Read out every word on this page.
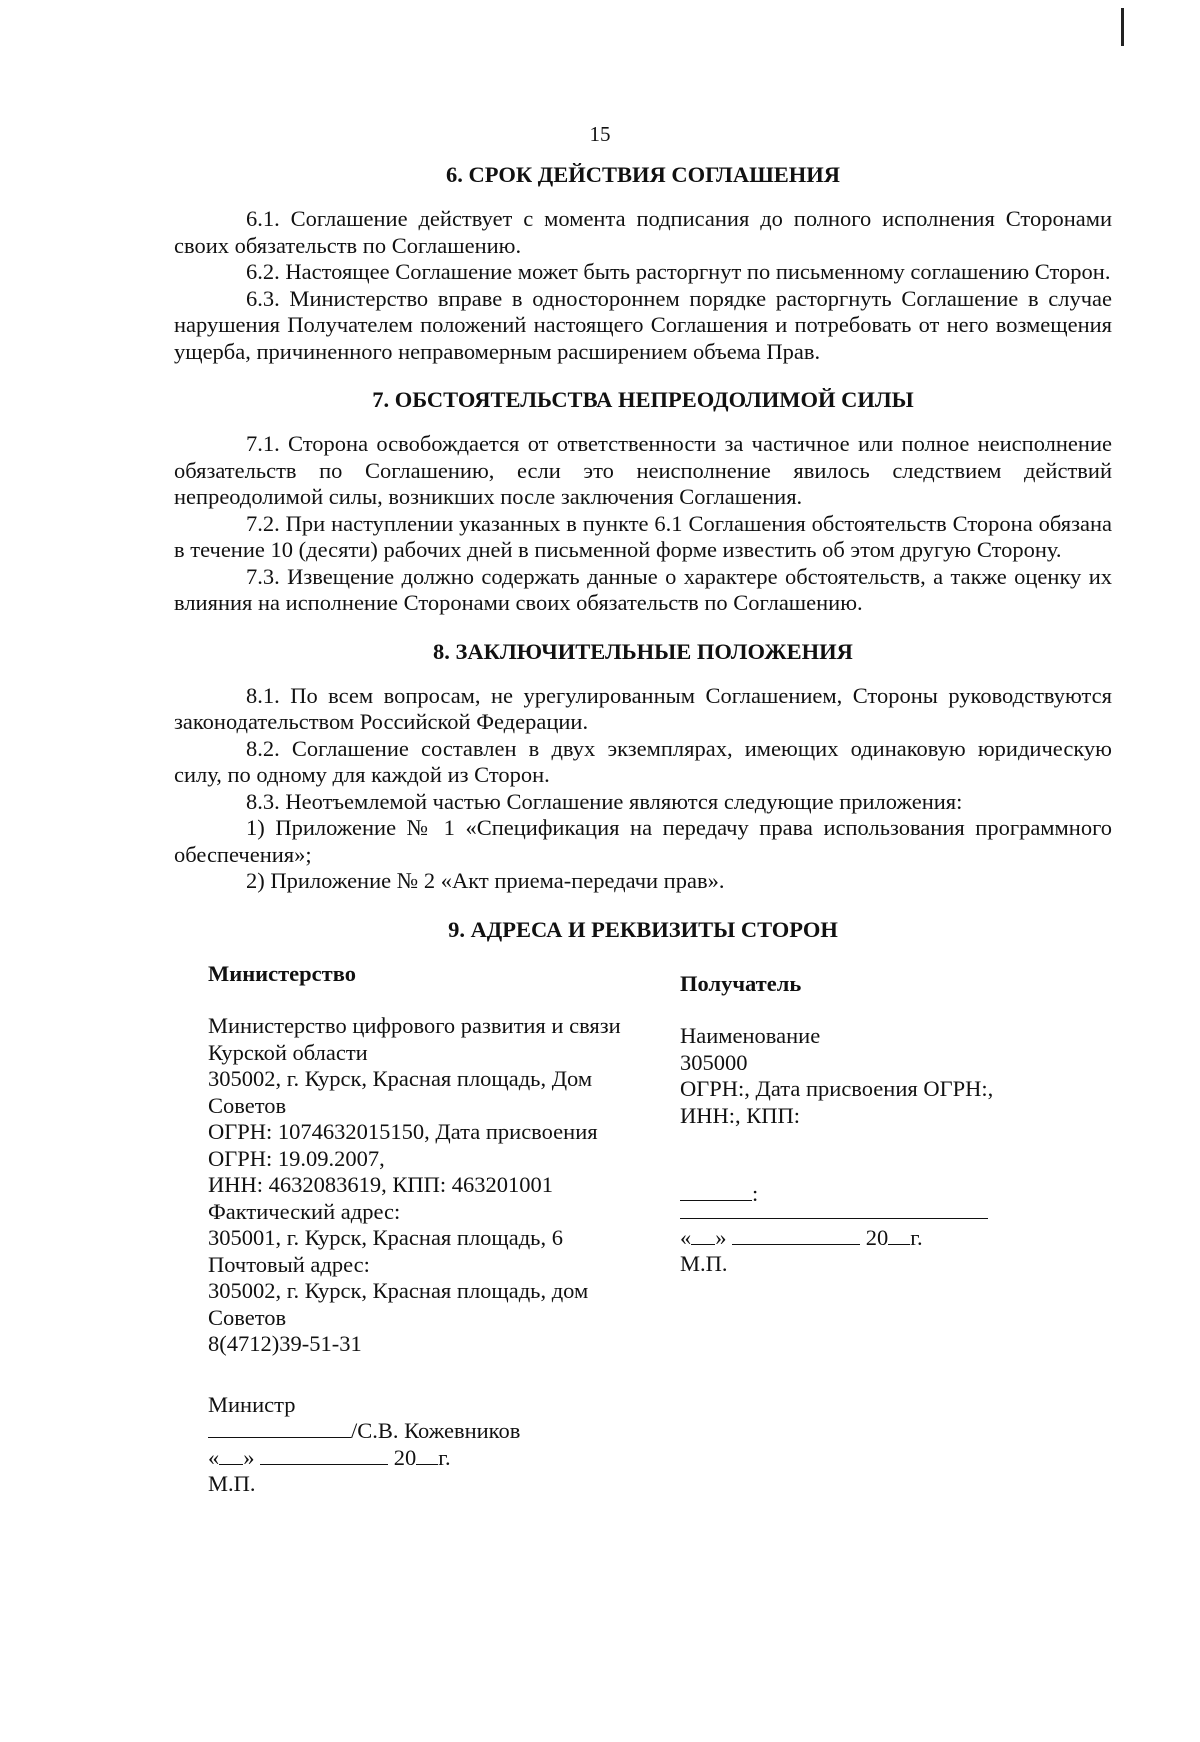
15
6. СРОК ДЕЙСТВИЯ СОГЛАШЕНИЯ

6.1. Соглашение действует с момента подписания до полного исполнения Сторонами своих обязательств по Соглашению.

6.2. Настоящее Соглашение может быть расторгнут по письменному соглашению Сторон.

6.3. Министерство вправе в одностороннем порядке расторгнуть Соглашение в случае нарушения Получателем положений настоящего Соглашения и потребовать от него возмещения ущерба, причиненного неправомерным расширением объема Прав.

7. ОБСТОЯТЕЛЬСТВА НЕПРЕОДОЛИМОЙ СИЛЫ

7.1. Сторона освобождается от ответственности за частичное или полное неисполнение обязательств по Соглашению, если это неисполнение явилось следствием действий непреодолимой силы, возникших после заключения Соглашения.

7.2. При наступлении указанных в пункте 6.1 Соглашения обстоятельств Сторона обязана в течение 10 (десяти) рабочих дней в письменной форме известить об этом другую Сторону.

7.3. Извещение должно содержать данные о характере обстоятельств, а также оценку их влияния на исполнение Сторонами своих обязательств по Соглашению.

8. ЗАКЛЮЧИТЕЛЬНЫЕ ПОЛОЖЕНИЯ

8.1. По всем вопросам, не урегулированным Соглашением, Стороны руководствуются законодательством Российской Федерации.

8.2. Соглашение составлен в двух экземплярах, имеющих одинаковую юридическую силу, по одному для каждой из Сторон.

8.3. Неотъемлемой частью Соглашение являются следующие приложения:

1) Приложение № 1 «Спецификация на передачу права использования программного обеспечения»;

2) Приложение № 2 «Акт приема-передачи прав».

9. АДРЕСА И РЕКВИЗИТЫ СТОРОН
Министерство
Министерство цифрового развития и связи
Курской области
305002, г. Курск, Красная площадь, Дом
Советов
ОГРН: 1074632015150, Дата присвоения
ОГРН: 19.09.2007,
ИНН: 4632083619, КПП: 463201001
Фактический адрес:
305001, г. Курск, Красная площадь, 6
Почтовый адрес:
305002, г. Курск, Красная площадь, дом
Советов
8(4712)39-51-31
Министр
/С.В. Кожевников
« »	20 г.
М.П.
Получатель
Наименование
305000
ОГРН:, Дата присвоения ОГРН:,
ИНН:, КПП:
:
« »	20 г.
М.П.
